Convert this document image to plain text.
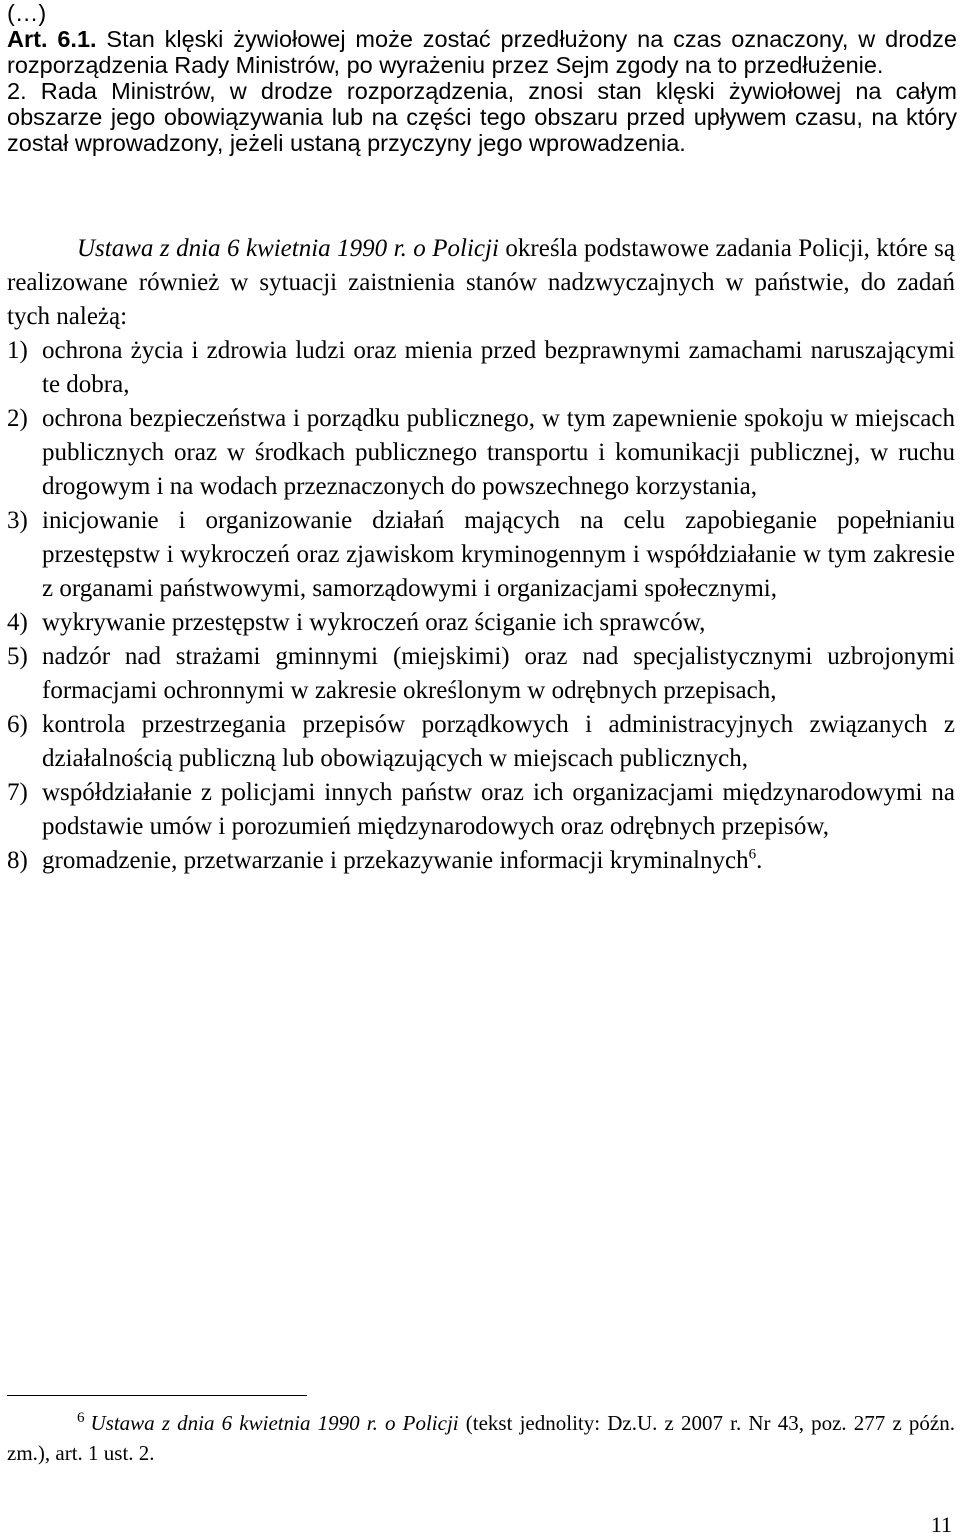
(…)

Art. 6.1. Stan klęski żywiołowej może zostać przedłużony na czas oznaczony, w drodze rozporządzenia Rady Ministrów, po wyrażeniu przez Sejm zgody na to przedłużenie.

2. Rada Ministrów, w drodze rozporządzenia, znosi stan klęski żywiołowej na całym obszarze jego obowiązywania lub na części tego obszaru przed upływem czasu, na który został wprowadzony, jeżeli ustaną przyczyny jego wprowadzenia.

Ustawa z dnia 6 kwietnia 1990 r. o Policji określa podstawowe zadania Policji, które są realizowane również w sytuacji zaistnienia stanów nadzwyczajnych w państwie, do zadań tych należą:

1) ochrona życia i zdrowia ludzi oraz mienia przed bezprawnymi zamachami naruszającymi te dobra,
2) ochrona bezpieczeństwa i porządku publicznego, w tym zapewnienie spokoju w miejscach publicznych oraz w środkach publicznego transportu i komunikacji publicznej, w ruchu drogowym i na wodach przeznaczonych do powszechnego korzystania,
3) inicjowanie i organizowanie działań mających na celu zapobieganie popełnianiu przestępstw i wykroczeń oraz zjawiskom kryminogennym i współdziałanie w tym zakresie z organami państwowymi, samorządowymi i organizacjami społecznymi,
4) wykrywanie przestępstw i wykroczeń oraz ściganie ich sprawców,
5) nadzór nad strażami gminnymi (miejskimi) oraz nad specjalistycznymi uzbrojonymi formacjami ochronnymi w zakresie określonym w odrębnych przepisach,
6) kontrola przestrzegania przepisów porządkowych i administracyjnych związanych z działalnością publiczną lub obowiązujących w miejscach publicznych,
7) współdziałanie z policjami innych państw oraz ich organizacjami międzynarodowymi na podstawie umów i porozumień międzynarodowych oraz odrębnych przepisów,
8) gromadzenie, przetwarzanie i przekazywanie informacji kryminalnych$^6$.

$^6$ Ustawa z dnia 6 kwietnia 1990 r. o Policji (tekst jednolity: Dz.U. z 2007 r. Nr 43, poz. 277 z późn. zm.), art. 1 ust. 2.

11
